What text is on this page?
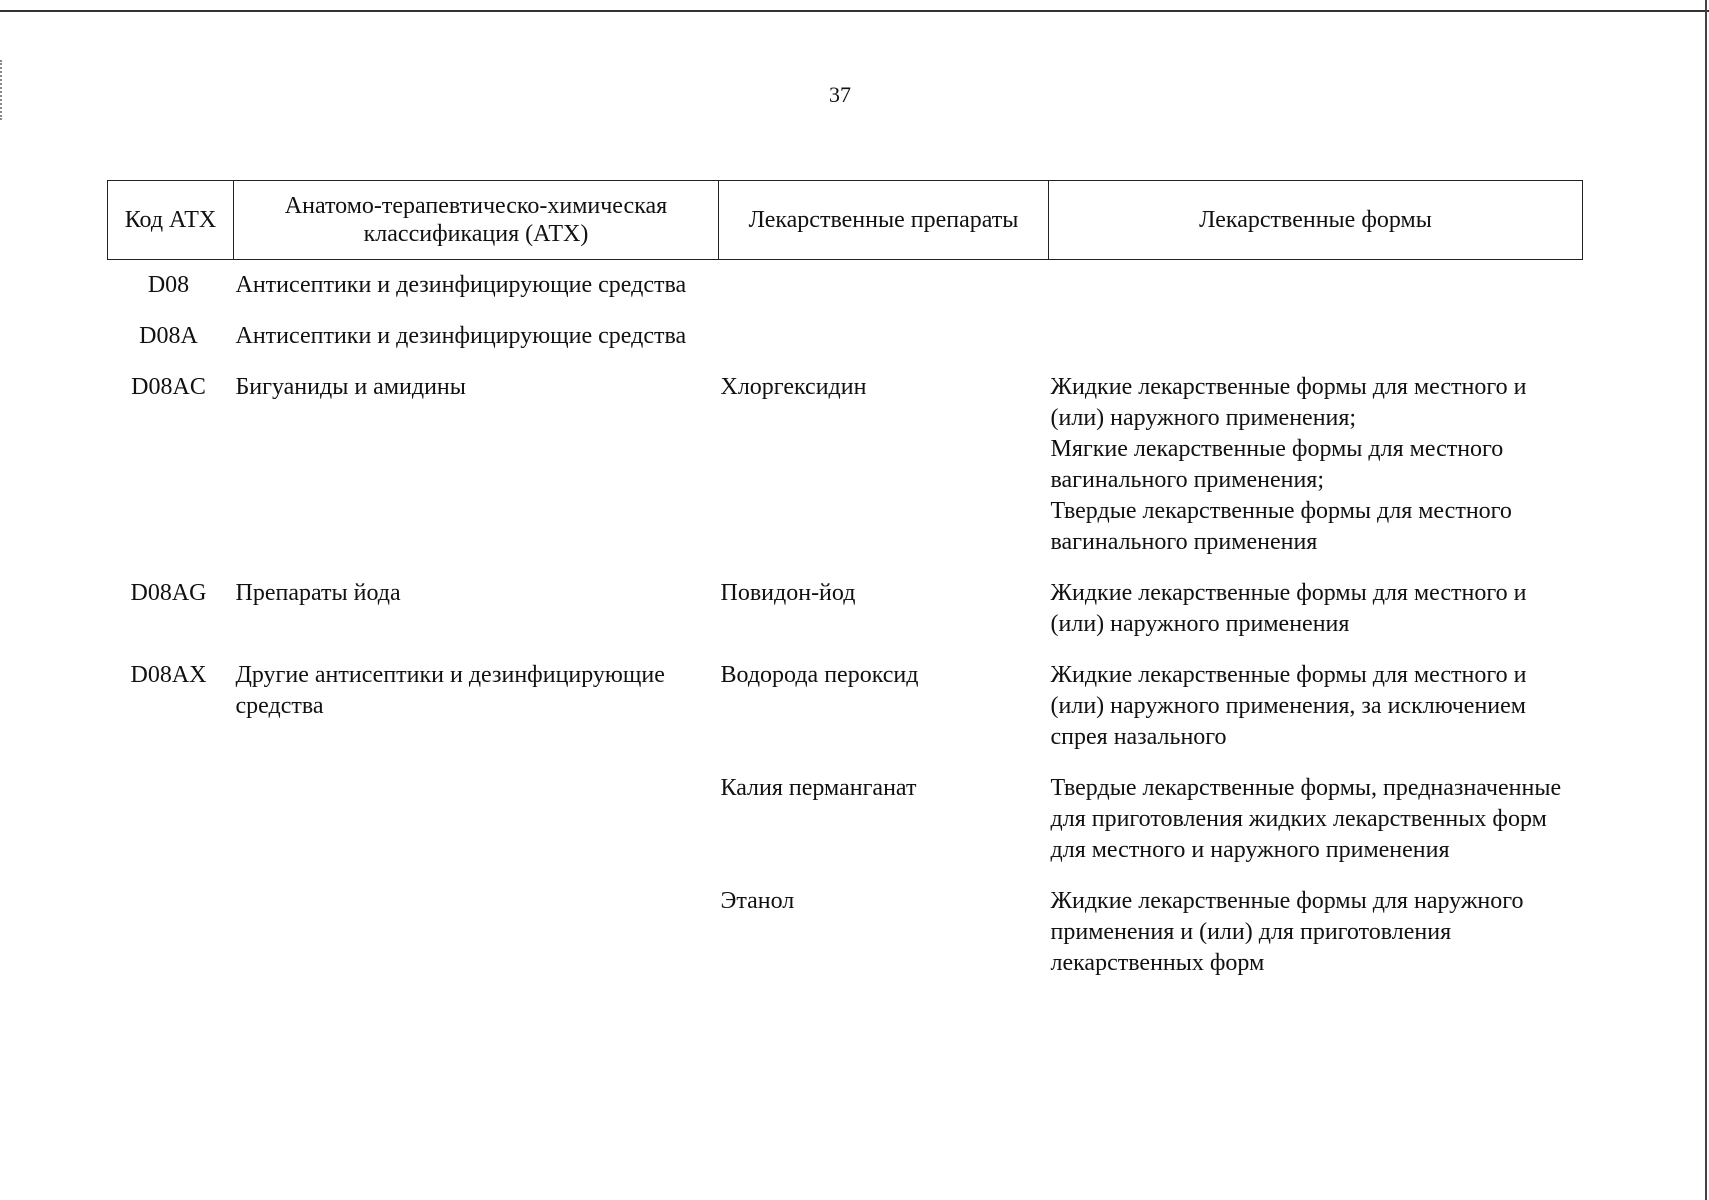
37
Код АТХ	Анатомо-терапевтическо-химическая классификация (АТХ)	Лекарственные препараты	Лекарственные формы
D08	Антисептики и дезинфицирующие средства		

D08A	Антисептики и дезинфицирующие средства		

D08AC	Бигуаниды и амидины	Хлоргексидин	Жидкие лекарственные формы для местного и (или) наружного применения;
Мягкие лекарственные формы для местного вагинального применения;
Твердые лекарственные формы для местного вагинального применения

D08AG	Препараты йода	Повидон-йод	Жидкие лекарственные формы для местного и (или) наружного применения

D08AX	Другие антисептики и дезинфицирующие средства	Водорода пероксид	Жидкие лекарственные формы для местного и (или) наружного применения, за исключением спрея назального

		Калия перманганат	Твердые лекарственные формы, предназначенные для приготовления жидких лекарственных форм для местного и наружного применения

		Этанол	Жидкие лекарственные формы для наружного применения и (или) для приготовления лекарственных форм
